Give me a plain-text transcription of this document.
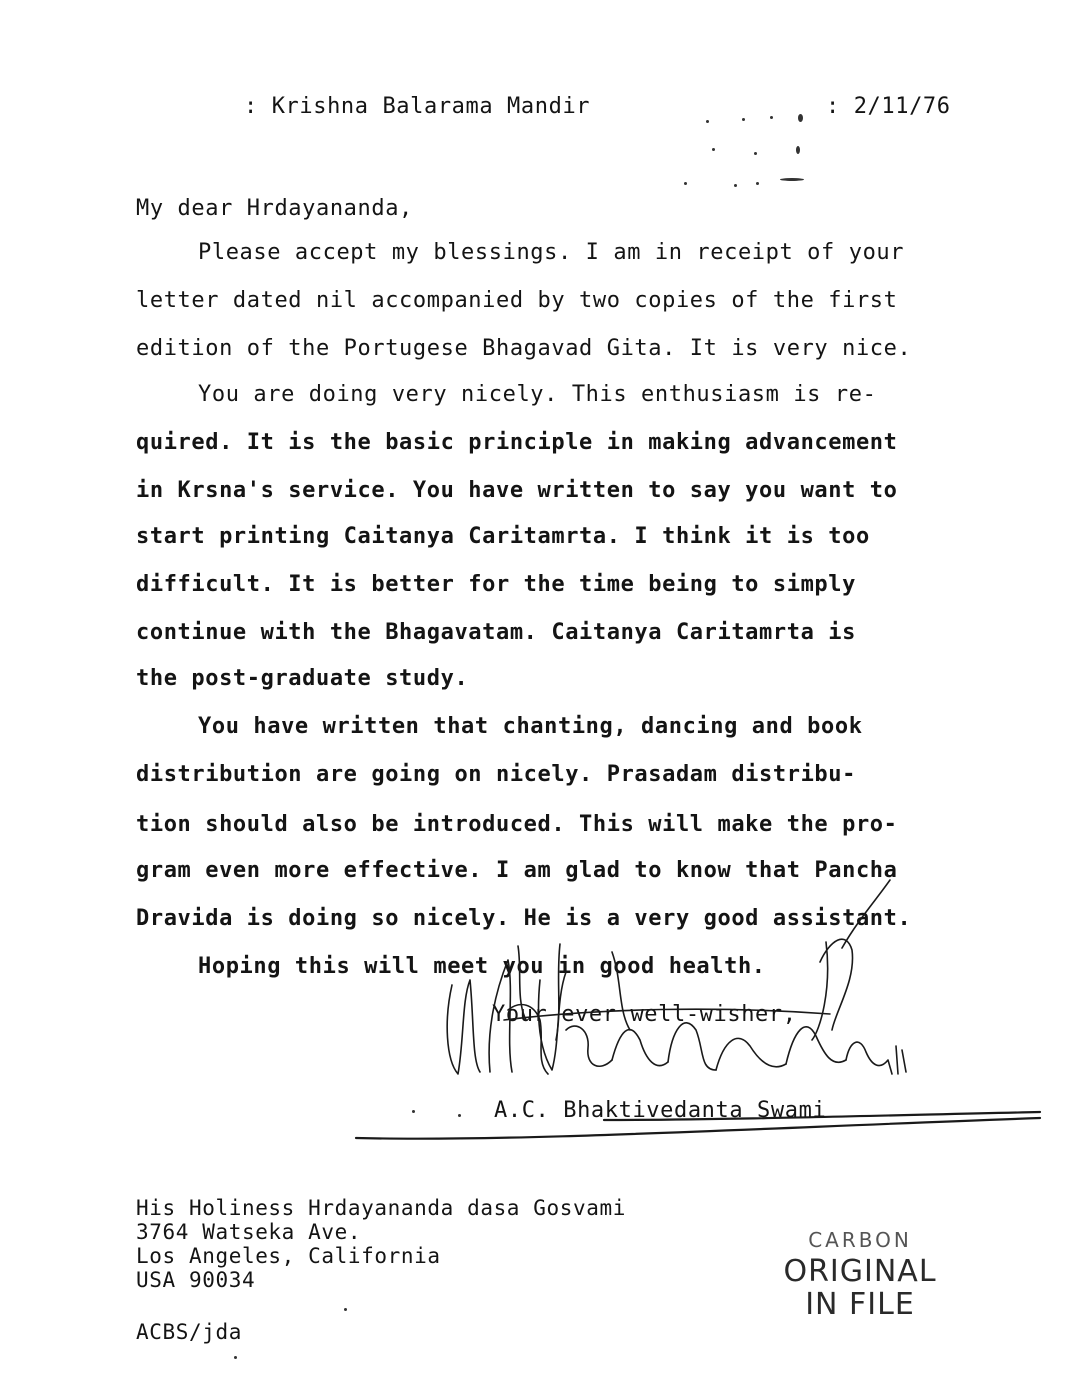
: Krishna Balarama Mandir	: 2/11/76
My dear Hrdayananda,
Please accept my blessings. I am in receipt of your
letter dated nil accompanied by two copies of the first
edition of the Portugese Bhagavad Gita. It is very nice.
You are doing very nicely. This enthusiasm is re-
quired. It is the basic principle in making advancement
in Krsna's service. You have written to say you want to
start printing Caitanya Caritamrta. I think it is too
difficult. It is better for the time being to simply
continue with the Bhagavatam. Caitanya Caritamrta is
the post-graduate study.
You have written that chanting, dancing and book
distribution are going on nicely. Prasadam distribu-
tion should also be introduced. This will make the pro-
gram even more effective. I am glad to know that Pancha
Dravida is doing so nicely. He is a very good assistant.
Hoping this will meet you in good health.
Your ever well-wisher,
A.C. Bhaktivedanta Swami
His Holiness Hrdayananda dasa Gosvami
3764 Watseka Ave.
Los Angeles, California
USA 90034
ACBS/jda
CARBON
ORIGINAL
IN FILE
